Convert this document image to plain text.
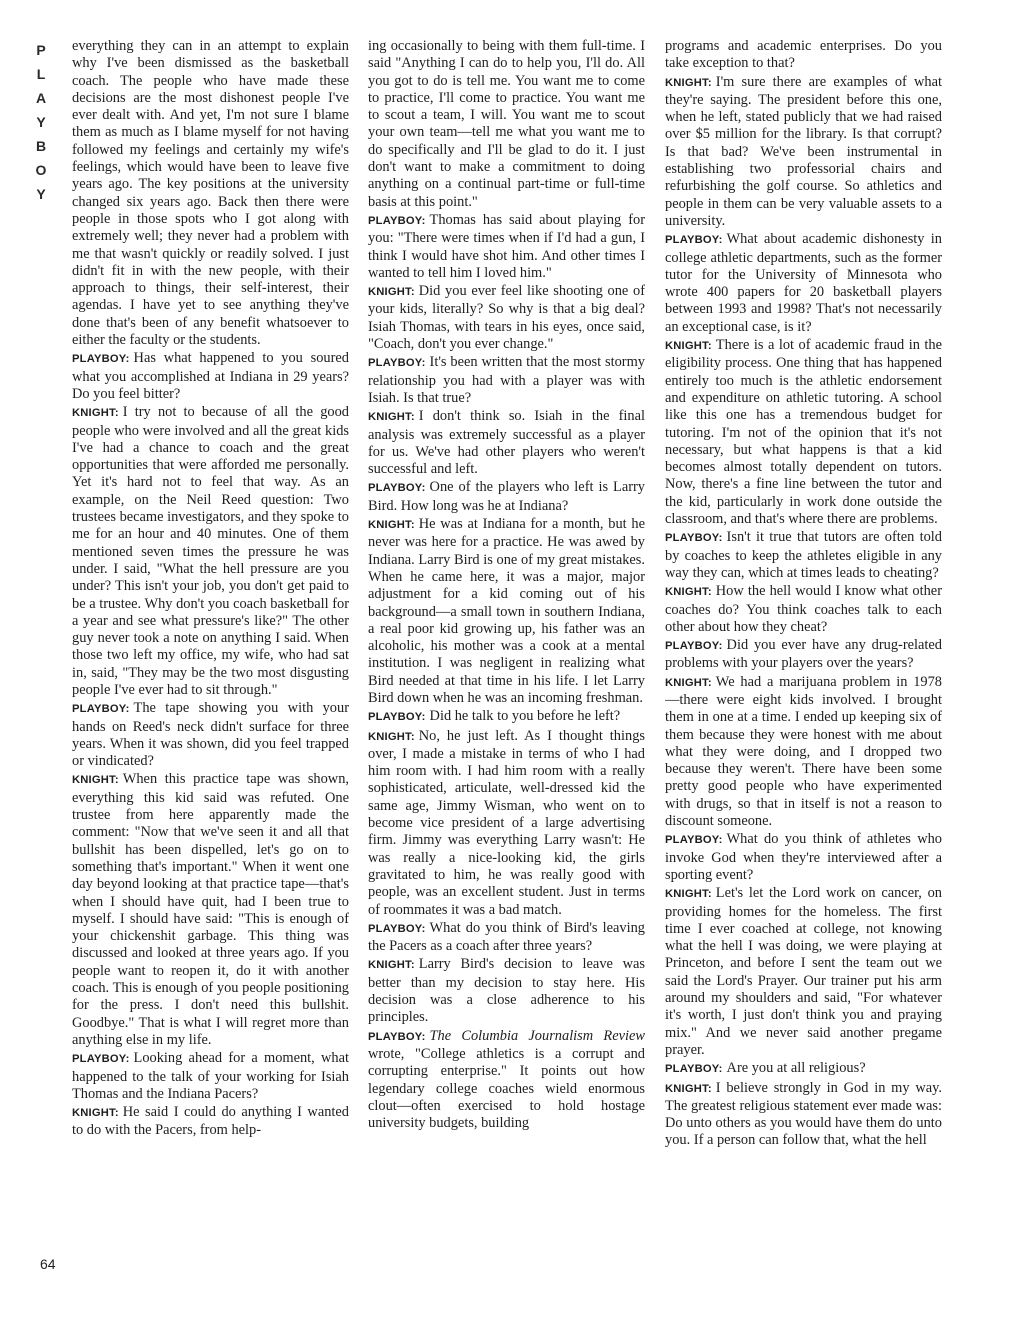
P
L
A
Y
B
O
Y

everything they can in an attempt to explain why I've been dismissed as the basketball coach. The people who have made these decisions are the most dishonest people I've ever dealt with. And yet, I'm not sure I blame them as much as I blame myself for not having followed my feelings and certainly my wife's feelings, which would have been to leave five years ago. The key positions at the university changed six years ago. Back then there were people in those spots who I got along with extremely well; they never had a problem with me that wasn't quickly or readily solved. I just didn't fit in with the new people, with their approach to things, their self-interest, their agendas. I have yet to see anything they've done that's been of any benefit whatsoever to either the faculty or the students.

PLAYBOY: Has what happened to you soured what you accomplished at Indiana in 29 years? Do you feel bitter?

KNIGHT: I try not to because of all the good people who were involved and all the great kids I've had a chance to coach and the great opportunities that were afforded me personally. Yet it's hard not to feel that way. As an example, on the Neil Reed question: Two trustees became investigators, and they spoke to me for an hour and 40 minutes. One of them mentioned seven times the pressure he was under. I said, "What the hell pressure are you under? This isn't your job, you don't get paid to be a trustee. Why don't you coach basketball for a year and see what pressure's like?" The other guy never took a note on anything I said. When those two left my office, my wife, who had sat in, said, "They may be the two most disgusting people I've ever had to sit through."

PLAYBOY: The tape showing you with your hands on Reed's neck didn't surface for three years. When it was shown, did you feel trapped or vindicated?

KNIGHT: When this practice tape was shown, everything this kid said was refuted. One trustee from here apparently made the comment: "Now that we've seen it and all that bullshit has been dispelled, let's go on to something that's important." When it went one day beyond looking at that practice tape—that's when I should have quit, had I been true to myself. I should have said: "This is enough of your chickenshit garbage. This thing was discussed and looked at three years ago. If you people want to reopen it, do it with another coach. This is enough of you people positioning for the press. I don't need this bullshit. Goodbye." That is what I will regret more than anything else in my life.

PLAYBOY: Looking ahead for a moment, what happened to the talk of your working for Isiah Thomas and the Indiana Pacers?

KNIGHT: He said I could do anything I wanted to do with the Pacers, from help-

ing occasionally to being with them full-time. I said "Anything I can do to help you, I'll do. All you got to do is tell me. You want me to come to practice, I'll come to practice. You want me to scout a team, I will. You want me to scout your own team—tell me what you want me to do specifically and I'll be glad to do it. I just don't want to make a commitment to doing anything on a continual part-time or full-time basis at this point."

PLAYBOY: Thomas has said about playing for you: "There were times when if I'd had a gun, I think I would have shot him. And other times I wanted to tell him I loved him."

KNIGHT: Did you ever feel like shooting one of your kids, literally? So why is that a big deal? Isiah Thomas, with tears in his eyes, once said, "Coach, don't you ever change."

PLAYBOY: It's been written that the most stormy relationship you had with a player was with Isiah. Is that true?

KNIGHT: I don't think so. Isiah in the final analysis was extremely successful as a player for us. We've had other players who weren't successful and left.

PLAYBOY: One of the players who left is Larry Bird. How long was he at Indiana?

KNIGHT: He was at Indiana for a month, but he never was here for a practice. He was awed by Indiana. Larry Bird is one of my great mistakes. When he came here, it was a major, major adjustment for a kid coming out of his background—a small town in southern Indiana, a real poor kid growing up, his father was an alcoholic, his mother was a cook at a mental institution. I was negligent in realizing what Bird needed at that time in his life. I let Larry Bird down when he was an incoming freshman.

PLAYBOY: Did he talk to you before he left?

KNIGHT: No, he just left. As I thought things over, I made a mistake in terms of who I had him room with. I had him room with a really sophisticated, articulate, well-dressed kid the same age, Jimmy Wisman, who went on to become vice president of a large advertising firm. Jimmy was everything Larry wasn't: He was really a nice-looking kid, the girls gravitated to him, he was really good with people, was an excellent student. Just in terms of roommates it was a bad match.

PLAYBOY: What do you think of Bird's leaving the Pacers as a coach after three years?

KNIGHT: Larry Bird's decision to leave was better than my decision to stay here. His decision was a close adherence to his principles.

PLAYBOY: The Columbia Journalism Review wrote, "College athletics is a corrupt and corrupting enterprise." It points out how legendary college coaches wield enormous clout—often exercised to hold hostage university budgets, building

programs and academic enterprises. Do you take exception to that?

KNIGHT: I'm sure there are examples of what they're saying. The president before this one, when he left, stated publicly that we had raised over $5 million for the library. Is that corrupt? Is that bad? We've been instrumental in establishing two professorial chairs and refurbishing the golf course. So athletics and people in them can be very valuable assets to a university.

PLAYBOY: What about academic dishonesty in college athletic departments, such as the former tutor for the University of Minnesota who wrote 400 papers for 20 basketball players between 1993 and 1998? That's not necessarily an exceptional case, is it?

KNIGHT: There is a lot of academic fraud in the eligibility process. One thing that has happened entirely too much is the athletic endorsement and expenditure on athletic tutoring. A school like this one has a tremendous budget for tutoring. I'm not of the opinion that it's not necessary, but what happens is that a kid becomes almost totally dependent on tutors. Now, there's a fine line between the tutor and the kid, particularly in work done outside the classroom, and that's where there are problems.

PLAYBOY: Isn't it true that tutors are often told by coaches to keep the athletes eligible in any way they can, which at times leads to cheating?

KNIGHT: How the hell would I know what other coaches do? You think coaches talk to each other about how they cheat?

PLAYBOY: Did you ever have any drug-related problems with your players over the years?

KNIGHT: We had a marijuana problem in 1978—there were eight kids involved. I brought them in one at a time. I ended up keeping six of them because they were honest with me about what they were doing, and I dropped two because they weren't. There have been some pretty good people who have experimented with drugs, so that in itself is not a reason to discount someone.

PLAYBOY: What do you think of athletes who invoke God when they're interviewed after a sporting event?

KNIGHT: Let's let the Lord work on cancer, on providing homes for the homeless. The first time I ever coached at college, not knowing what the hell I was doing, we were playing at Princeton, and before I sent the team out we said the Lord's Prayer. Our trainer put his arm around my shoulders and said, "For whatever it's worth, I just don't think you and praying mix." And we never said another pregame prayer.

PLAYBOY: Are you at all religious?

KNIGHT: I believe strongly in God in my way. The greatest religious statement ever made was: Do unto others as you would have them do unto you. If a person can follow that, what the hell

64
